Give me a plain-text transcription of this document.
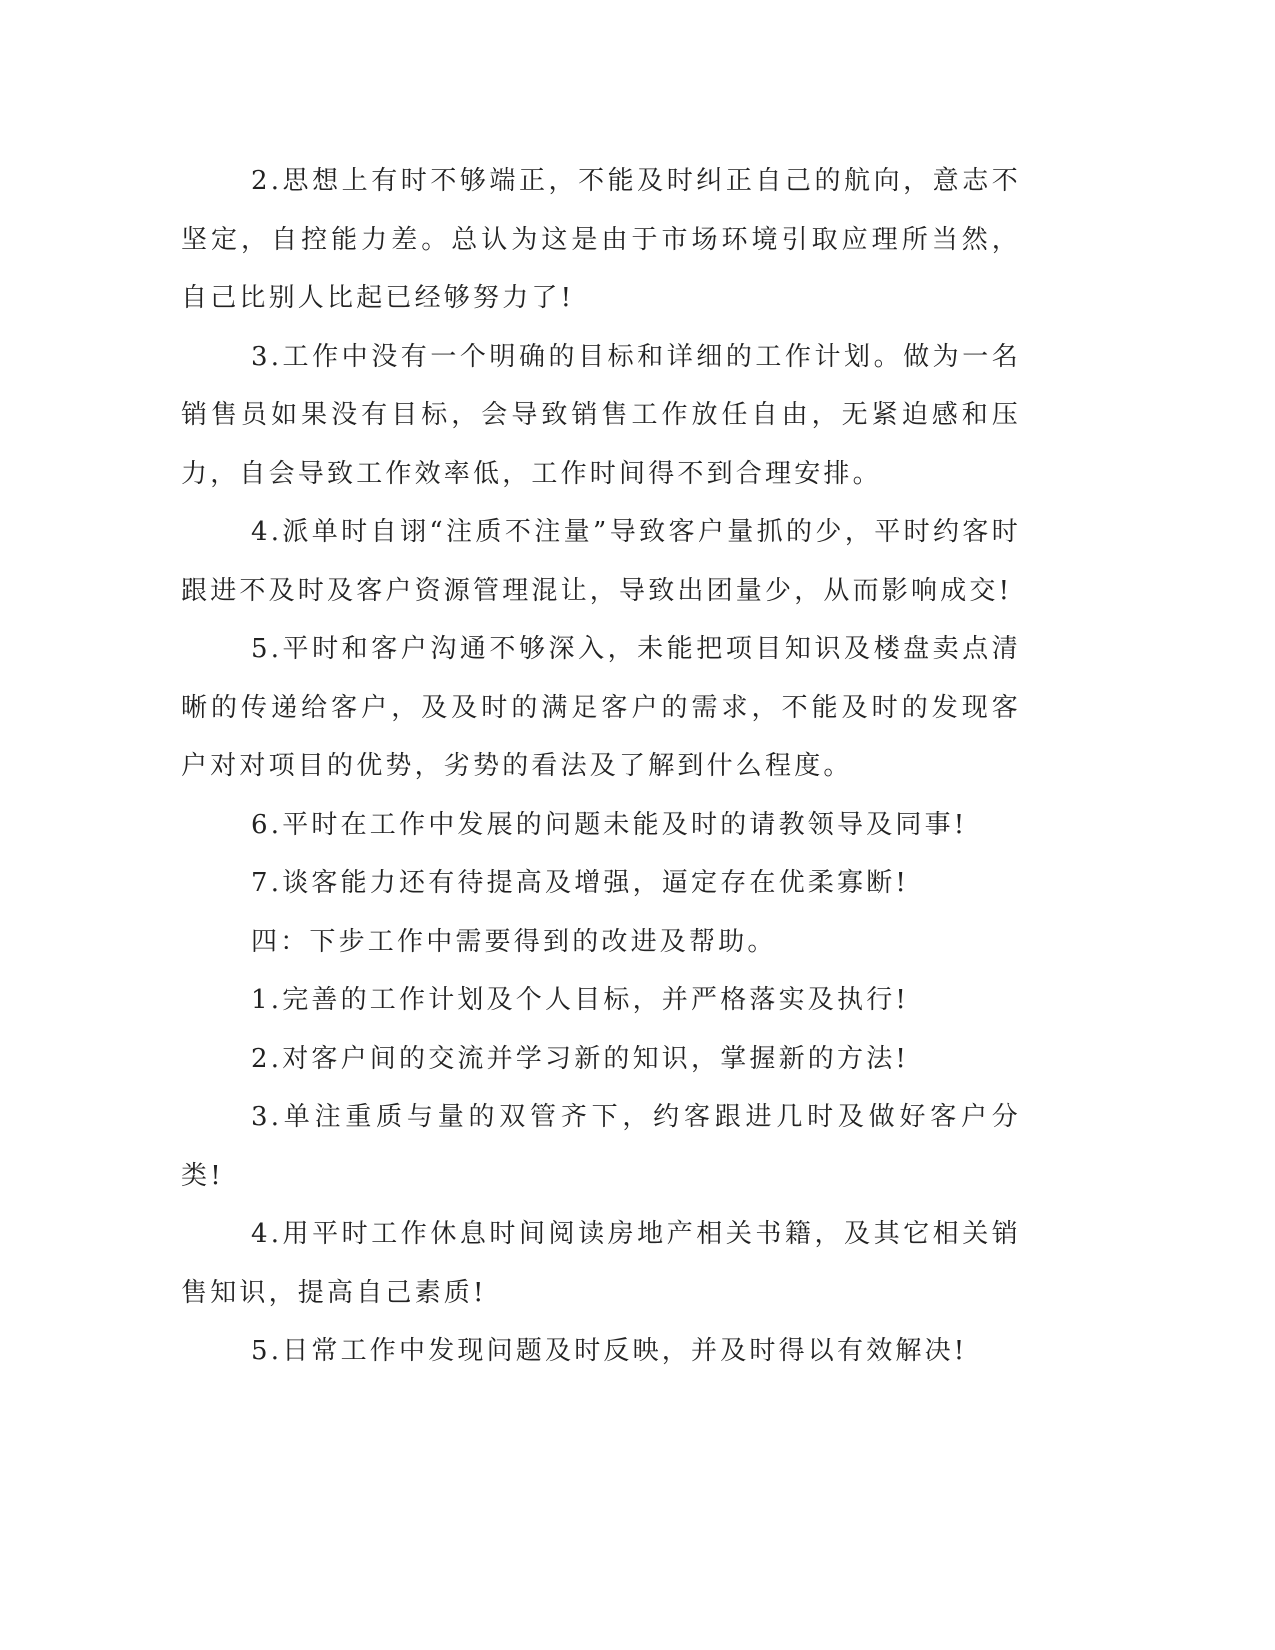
2.思想上有时不够端正，不能及时纠正自己的航向，意志不坚定，自控能力差。总认为这是由于市场环境引取应理所当然，自己比别人比起已经够努力了!

3.工作中没有一个明确的目标和详细的工作计划。做为一名销售员如果没有目标，会导致销售工作放任自由，无紧迫感和压力，自会导致工作效率低，工作时间得不到合理安排。

4.派单时自诩“注质不注量”导致客户量抓的少，平时约客时跟进不及时及客户资源管理混让，导致出团量少，从而影响成交!

5.平时和客户沟通不够深入，未能把项目知识及楼盘卖点清晰的传递给客户，及及时的满足客户的需求，不能及时的发现客户对对项目的优势，劣势的看法及了解到什么程度。

6.平时在工作中发展的问题未能及时的请教领导及同事!

7.谈客能力还有待提高及增强，逼定存在优柔寡断!

四：下步工作中需要得到的改进及帮助。

1.完善的工作计划及个人目标，并严格落实及执行!

2.对客户间的交流并学习新的知识，掌握新的方法!

3.单注重质与量的双管齐下，约客跟进几时及做好客户分类!

4.用平时工作休息时间阅读房地产相关书籍，及其它相关销售知识，提高自己素质!

5.日常工作中发现问题及时反映，并及时得以有效解决!
